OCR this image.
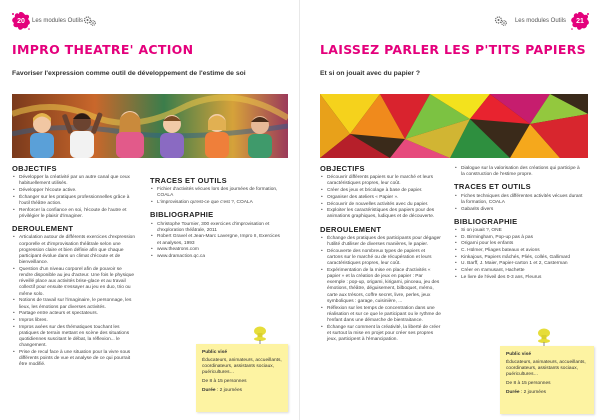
20 Les modules Outils
IMPRO THEATRE' ACTION
Favoriser l'expression comme outil de développement de l'estime de soi
OBJECTIFS
• Développer la créativité par un autre canal que ceux habituellement utilisés.
• Développer l'écoute active.
• Échanger sur les pratiques professionnelles grâce à l'outil théâtre action.
• Renforcer la confiance en soi, l'écoute de l'autre et privilégier le plaisir d'imaginer.
DEROULEMENT
• Articulation autour de différents exercices d'expression corporelle et d'improvisation théâtrale selon une progression claire et bien définie afin que chaque participant évolue dans un climat d'écoute et de bienveillance.
• Question d'un niveau corporel afin de pouvoir se rendre disponible au jeu d'acteur. Une fois le physique réveillé place aux activités brise-glace et au travail collectif pour ensuite s'essayer au jeu en duo, trio ou même solo.
• Notions de travail sur l'imaginaire, le personnage, les lieux, les émotions par diverses activités.
• Partage entre acteurs et spectateurs.
• Impros libres.
• Impros axées sur des thématiques touchant les pratiques de terrain mettant en scène des situations quotidiennes suscitant le débat, la réflexion... le changement.
• Prise de recul face à une situation pour la vivre sous différents points de vue et analyse de ce qui pourrait être modifié.
TRACES ET OUTILS
• Fichier d'activités vécues lors des journées de formation, COALA
• L'improvisation qu'est-ce que c'est ?, COALA
BIBLIOGRAPHIE
• Christophe Tournier, 300 exercices d'improvisation et d'exploration théâtrale, 2011
• Robert Gravel et Jean-Marc Lavergne, Impro II, Exercices et analyses, 1993
• www.theatrons.com
• www.dramaction.qc.ca
Public visé
Éducateurs, animateurs, accueillants, coordinateurs, assistants sociaux, puéricultures…
De 8 à 15 personnes
Durée : 2 journées
21
Les modules Outils
LAISSEZ PARLER LES P'TITS PAPIERS
Et si on jouait avec du papier ?
OBJECTIFS
• Découvrir différents papiers sur le marché et leurs caractéristiques propres, leur coût.
• Créer des jeux et bricolage à base de papier.
• Organiser des ateliers « Papier ».
• Découvrir de nouvelles activités avec du papier.
• Exploiter les caractéristiques des papiers pour des animations graphiques, ludiques et de découverte.
DEROULEMENT
• Échange des pratiques des participants pour dégager l'utilité d'utiliser de diverses manières, le papier.
• Découverte des nombreux types de papiers et cartons sur le marché ou de récupération et leurs caractéristiques propres, leur coût.
• Expérimentation de la mise en place d'activités « papier » et la création de jeux en papier : Par exemple : pop-up, origami, kirigami, pinceau, jeu des émotions, théâtre, déguisement, bilboquet, mémo, carte aux trésors, coffre secret, livre, perles, jeux symboliques : garage, cuisinière, ...
• Réflexion sur les temps de concentration dans une réalisation et sur ce que le participant ou le rythme de l'enfant dans une démarche de bientraitance.
• Échange sur comment la créativité, la liberté de créer et surtout la mise en projet pour créer ses propres jeux, participent à l'émancipation.
• Dialogue sur la valorisation des créations qui participe à la construction de l'estime propre.
TRACES ET OUTILS
• Fiches techniques des différentes activités vécues durant la formation, COALA
• Gabarits divers
BIBLIOGRAPHIE
• Si on jouait ?, ONE
• D. Birmingham, Pop-up pas à pas
• Origami pour les enfants
• C. Hülmer, Pliages bateaux et avions
• Kinkajous, Papiers mâchés, Pliés, collés, Gallimard
• U. Barff, J. Maier, Papier-carton 1 et 2, Casterman
• Créer en s'amusant, Hachette
• Le livre de l'éveil des 0-3 ans, Fleurus
Public visé
Éducateurs, animateurs, accueillants, coordinateurs, assistants sociaux, puéricultures…
De 8 à 15 personnes
Durée : 2 journées
